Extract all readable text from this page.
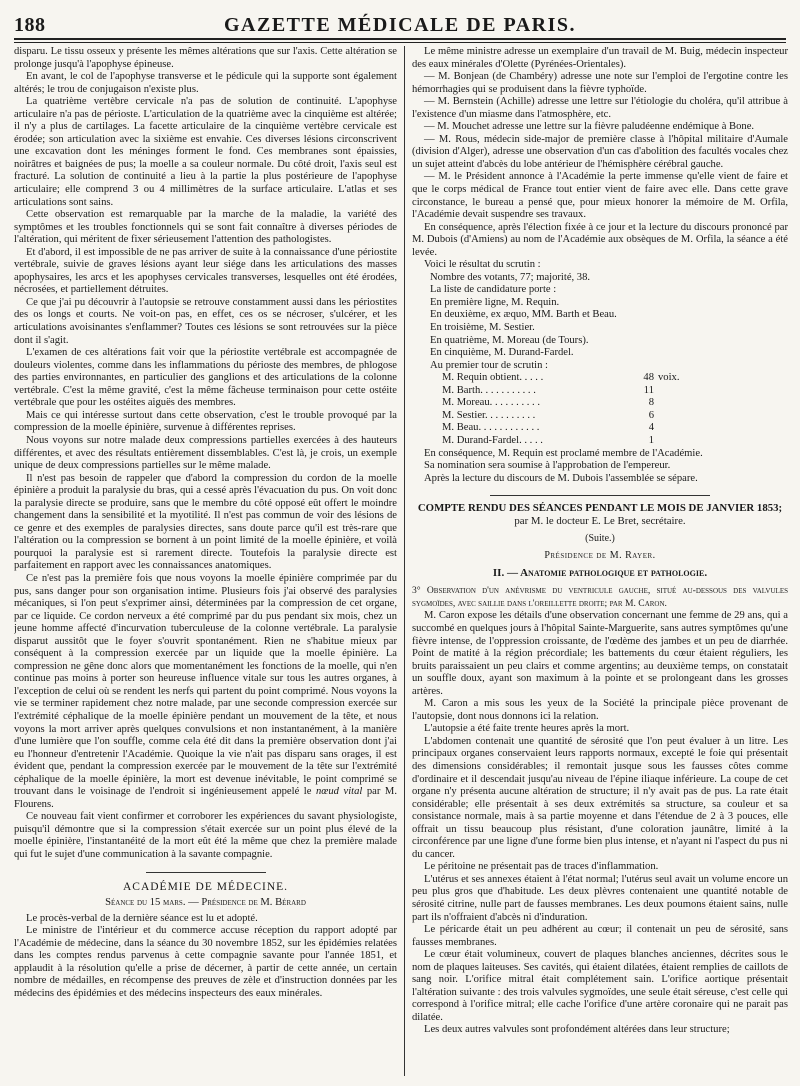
188	GAZETTE MÉDICALE DE PARIS.

disparu. Le tissu osseux y présente les mêmes altérations que sur l'axis. Cette altération se prolonge jusqu'à l'apophyse épineuse.

En avant, le col de l'apophyse transverse et le pédicule qui la supporte sont également altérés; le trou de conjugaison n'existe plus.

La quatrième vertèbre cervicale n'a pas de solution de continuité. L'apophyse articulaire n'a pas de périoste. L'articulation de la quatrième avec la cinquième est altérée; il n'y a plus de cartilages. La facette articulaire de la cinquième vertèbre cervicale est érodée; son articulation avec la sixième est envahie. Ces diverses lésions circonscrivent une excavation dont les méninges forment le fond. Ces membranes sont épaissies, noirâtres et baignées de pus; la moelle a sa couleur normale. Du côté droit, l'axis seul est fracturé. La solution de continuité a lieu à la partie la plus postérieure de l'apophyse articulaire; elle comprend 3 ou 4 millimètres de la surface articulaire. L'atlas et ses articulations sont sains.

Cette observation est remarquable par la marche de la maladie, la variété des symptômes et les troubles fonctionnels qui se sont fait connaître à diverses périodes de l'altération, qui méritent de fixer sérieusement l'attention des pathologistes.

Et d'abord, il est impossible de ne pas arriver de suite à la connaissance d'une périostite vertébrale, suivie de graves lésions ayant leur siége dans les articulations des masses apophysaires, les arcs et les apophyses cervicales transverses, lesquelles ont été érodées, nécrosées, et partiellement détruites.

Ce que j'ai pu découvrir à l'autopsie se retrouve constamment aussi dans les périostites des os longs et courts. Ne voit-on pas, en effet, ces os se nécroser, s'ulcérer, et les articulations avoisinantes s'enflammer? Toutes ces lésions se sont retrouvées sur la pièce dont il s'agit.

L'examen de ces altérations fait voir que la périostite vertébrale est accompagnée de douleurs violentes, comme dans les inflammations du périoste des membres, de phlogose des parties environnantes, en particulier des ganglions et des articulations de la colonne vertébrale. C'est la même gravité, c'est la même fâcheuse terminaison pour cette ostéite vertébrale que pour les ostéites aiguës des membres.

Mais ce qui intéresse surtout dans cette observation, c'est le trouble provoqué par la compression de la moelle épinière, survenue à différentes reprises.

Nous voyons sur notre malade deux compressions partielles exercées à des hauteurs différentes, et avec des résultats entièrement dissemblables. C'est là, je crois, un exemple unique de deux compressions partielles sur le même malade.

Il n'est pas besoin de rappeler que d'abord la compression du cordon de la moelle épinière a produit la paralysie du bras, qui a cessé après l'évacuation du pus. On voit donc la paralysie directe se produire, sans que le membre du côté opposé eût offert le moindre changement dans la sensibilité et la myotilité. Il n'est pas commun de voir des lésions de ce genre et des exemples de paralysies directes, sans doute parce qu'il est très-rare que l'altération ou la compression se bornent à un point limité de la moelle épinière, et voilà pourquoi la paralysie est si rarement directe. Toutefois la paralysie directe est parfaitement en rapport avec les connaissances anatomiques.

Ce n'est pas la première fois que nous voyons la moelle épinière comprimée par du pus, sans danger pour son organisation intime. Plusieurs fois j'ai observé des paralysies mécaniques, si l'on peut s'exprimer ainsi, déterminées par la compression de cet organe, par ce liquide. Ce cordon nerveux a été comprimé par du pus pendant six mois, chez un jeune homme affecté d'incurvation tuberculeuse de la colonne vertébrale. La paralysie disparut aussitôt que le foyer s'ouvrit spontanément. Rien ne s'habitue mieux par conséquent à la compression exercée par un liquide que la moelle épinière. La compression ne gêne donc alors que momentanément les fonctions de la moelle, qui n'en continue pas moins à porter son heureuse influence vitale sur tous les autres organes, à l'exception de celui où se rendent les nerfs qui partent du point comprimé. Nous voyons la vie se terminer rapidement chez notre malade, par une seconde compression exercée sur l'extrémité céphalique de la moelle épinière pendant un mouvement de la tête, et nous voyons la mort arriver après quelques convulsions et non instantanément, à la manière d'une lumière que l'on souffle, comme cela été dit dans la première observation dont j'ai eu l'honneur d'entretenir l'Académie. Quoique la vie n'ait pas disparu sans orages, il est évident que, pendant la compression exercée par le mouvement de la tête sur l'extrémité céphalique de la moelle épinière, la mort est devenue inévitable, le point comprimé se trouvant dans le voisinage de l'endroit si ingénieusement appelé le nœud vital par M. Flourens.

Ce nouveau fait vient confirmer et corroborer les expériences du savant physiologiste, puisqu'il démontre que si la compression s'était exercée sur un point plus élevé de la moelle épinière, l'instantanéité de la mort eût été la même que chez la première malade qui fut le sujet d'une communication à la savante compagnie.

ACADÉMIE DE MÉDECINE.
Séance du 15 mars. — Présidence de M. Bérard

Le procès-verbal de la dernière séance est lu et adopté.

Le ministre de l'intérieur et du commerce accuse réception du rapport adopté par l'Académie de médecine, dans la séance du 30 novembre 1852, sur les épidémies relatées dans les comptes rendus parvenus à cette compagnie savante pour l'année 1851, et applaudit à la résolution qu'elle a prise de décerner, à partir de cette année, un certain nombre de médailles, en récompense des preuves de zèle et d'instruction données par les médecins des épidémies et des médecins inspecteurs des eaux minérales.

Le même ministre adresse un exemplaire d'un travail de M. Buig, médecin inspecteur des eaux minérales d'Olette (Pyrénées-Orientales).

— M. Bonjean (de Chambéry) adresse une note sur l'emploi de l'ergotine contre les hémorrhagies qui se produisent dans la fièvre typhoïde.

— M. Bernstein (Achille) adresse une lettre sur l'étiologie du choléra, qu'il attribue à l'existence d'un miasme dans l'atmosphère, etc.

— M. Mouchet adresse une lettre sur la fièvre paludéenne endémique à Bone.

— M. Rous, médecin side-major de première classe à l'hôpital militaire d'Aumale (division d'Alger), adresse une observation d'un cas d'abolition des facultés vocales chez un sujet atteint d'abcès du lobe antérieur de l'hémisphère cérébral gauche.

— M. le Président annonce à l'Académie la perte immense qu'elle vient de faire et que le corps médical de France tout entier vient de faire avec elle. Dans cette grave circonstance, le bureau a pensé que, pour mieux honorer la mémoire de M. Orfila, l'Académie devait suspendre ses travaux.

En conséquence, après l'élection fixée à ce jour et la lecture du discours prononcé par M. Dubois (d'Amiens) au nom de l'Académie aux obsèques de M. Orfila, la séance a été levée.

Voici le résultat du scrutin :

Nombre des votants, 77; majorité, 38.

La liste de candidature porte :

En première ligne, M. Requin.

En deuxième, ex æquo, MM. Barth et Beau.

En troisième, M. Sestier.

En quatrième, M. Moreau (de Tours).

En cinquième, M. Durand-Fardel.

Au premier tour de scrutin :

M. Requin obtient. . . . .	48 voix.
M. Barth. . . . . . . . . . .	11
M. Moreau. . . . . . . . . .	8
M. Sestier. . . . . . . . . .	6
M. Beau. . . . . . . . . . . .	4
M. Durand-Fardel. . . . .	1

En conséquence, M. Requin est proclamé membre de l'Académie.

Sa nomination sera soumise à l'approbation de l'empereur.

Après la lecture du discours de M. Dubois l'assemblée se sépare.

COMPTE RENDU DES SÉANCES PENDANT LE MOIS DE JANVIER 1853;
par M. le docteur E. Le Bret, secrétaire.
(Suite.)
Présidence de M. Rayer.
II. — Anatomie pathologique et pathologie.

3° Observation d'un anévrisme du ventricule gauche, situé au-dessous des valvules sygmoïdes, avec saillie dans l'oreillette droite; par M. Caron.

M. Caron expose les détails d'une observation concernant une femme de 29 ans, qui a succombé en quelques jours à l'hôpital Sainte-Marguerite, sans autres symptômes qu'une fièvre intense, de l'oppression croissante, de l'œdème des jambes et un peu de diarrhée. Point de matité à la région précordiale; les battements du cœur étaient réguliers, les bruits paraissaient un peu clairs et comme argentins; au deuxième temps, on constatait un souffle doux, ayant son maximum à la pointe et se prolongeant dans les grosses artères.

M. Caron a mis sous les yeux de la Société la principale pièce provenant de l'autopsie, dont nous donnons ici la relation.

L'autopsie a été faite trente heures après la mort.

L'abdomen contenait une quantité de sérosité que l'on peut évaluer à un litre. Les principaux organes conservaient leurs rapports normaux, excepté le foie qui présentait des dimensions considérables; il remontait jusque sous les fausses côtes comme d'ordinaire et il descendait jusqu'au niveau de l'épine iliaque inférieure. La coupe de cet organe n'y présenta aucune altération de structure; il n'y avait pas de pus. La rate était considérable; elle présentait à ses deux extrémités sa structure, sa couleur et sa consistance normale, mais à sa partie moyenne et dans l'étendue de 2 à 3 pouces, elle offrait un tissu beaucoup plus résistant, d'une coloration jaunâtre, limité à la circonférence par une ligne d'une forme bien plus intense, et n'ayant ni l'aspect du pus ni du cancer.

Le péritoine ne présentait pas de traces d'inflammation.

L'utérus et ses annexes étaient à l'état normal; l'utérus seul avait un volume encore un peu plus gros que d'habitude. Les deux plèvres contenaient une quantité notable de sérosité citrine, nulle part de fausses membranes. Les deux poumons étaient sains, nulle part ils n'offraient d'abcès ni d'induration.

Le péricarde était un peu adhérent au cœur; il contenait un peu de sérosité, sans fausses membranes.

Le cœur était volumineux, couvert de plaques blanches anciennes, décrites sous le nom de plaques laiteuses. Ses cavités, qui étaient dilatées, étaient remplies de caillots de sang noir. L'orifice mitral était complétement sain. L'orifice aortique présentait l'altération suivante : des trois valvules sygmoïdes, une seule était séreuse, c'est celle qui correspond à l'orifice mitral; elle cache l'orifice d'une artère coronaire qui ne parait pas dilatée.

Les deux autres valvules sont profondément altérées dans leur structure;
